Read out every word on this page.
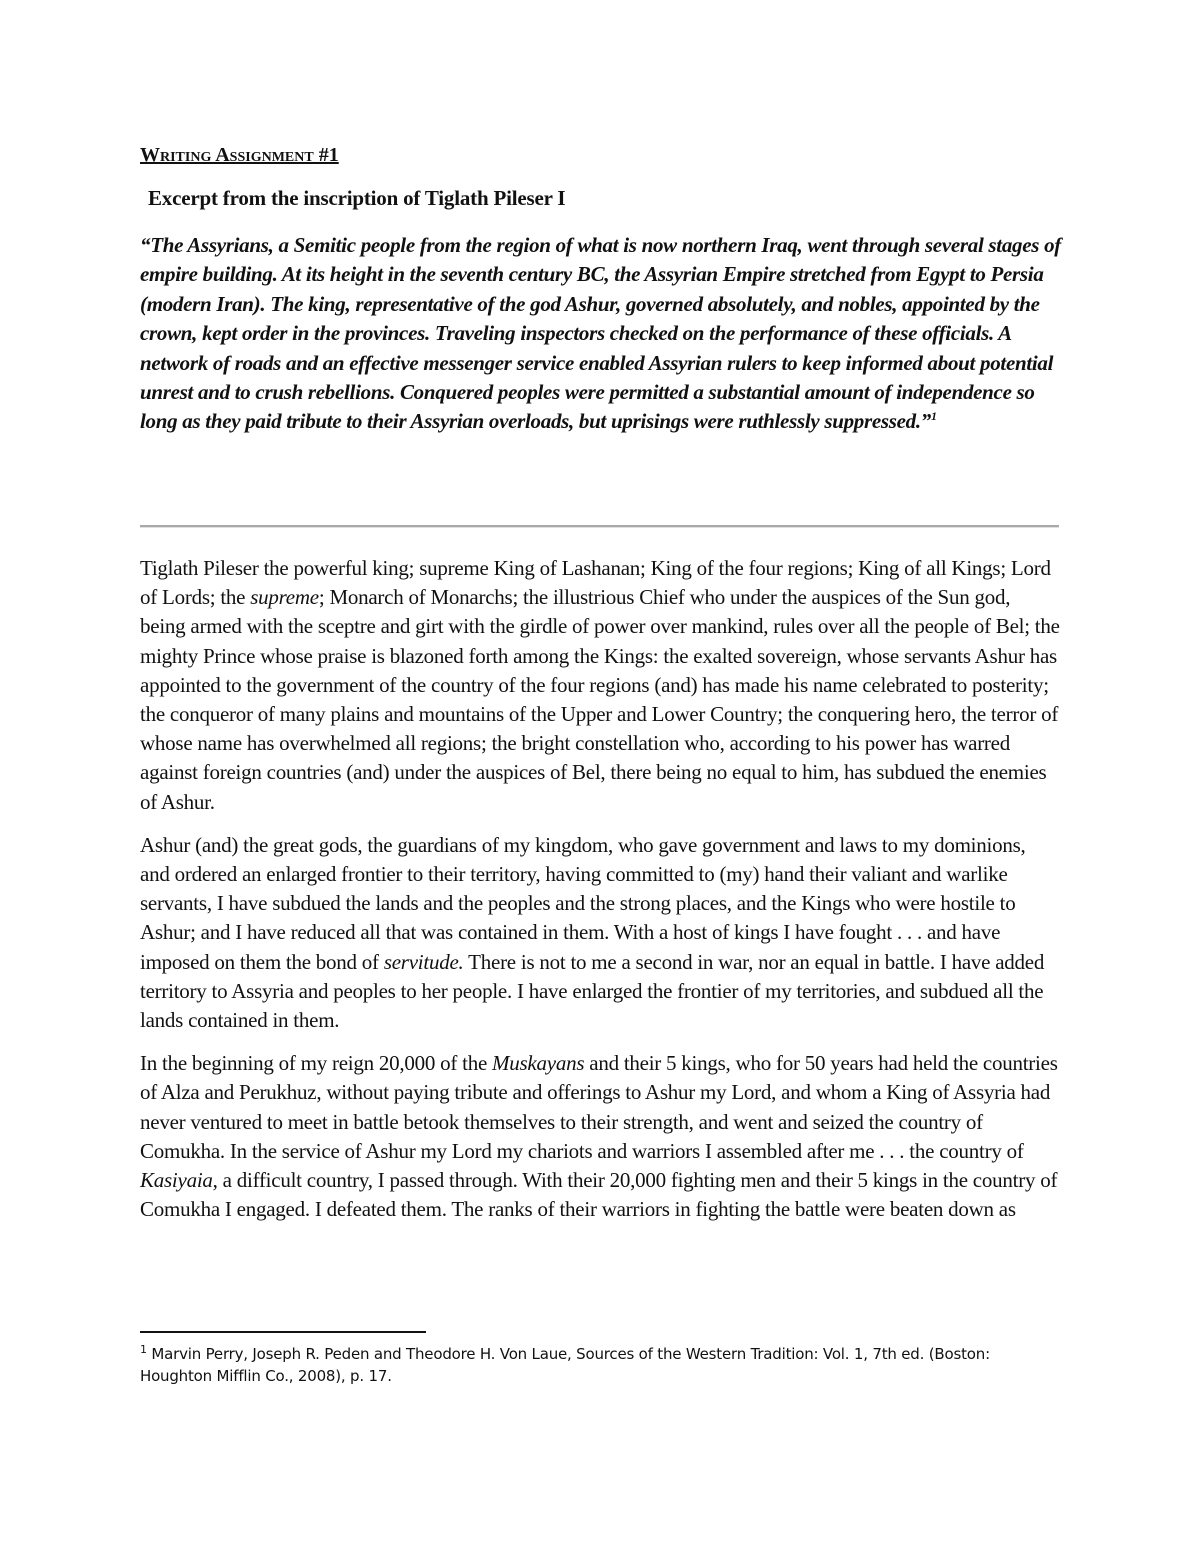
Writing Assignment #1
Excerpt from the inscription of Tiglath Pileser I

“The Assyrians, a Semitic people from the region of what is now northern Iraq, went through several stages of empire building. At its height in the seventh century BC, the Assyrian Empire stretched from Egypt to Persia (modern Iran). The king, representative of the god Ashur, governed absolutely, and nobles, appointed by the crown, kept order in the provinces. Traveling inspectors checked on the performance of these officials. A network of roads and an effective messenger service enabled Assyrian rulers to keep informed about potential unrest and to crush rebellions. Conquered peoples were permitted a substantial amount of independence so long as they paid tribute to their Assyrian overloads, but uprisings were ruthlessly suppressed.”$^1$

Tiglath Pileser the powerful king; supreme King of Lashanan; King of the four regions; King of all Kings; Lord of Lords; the supreme; Monarch of Monarchs; the illustrious Chief who under the auspices of the Sun god, being armed with the sceptre and girt with the girdle of power over mankind, rules over all the people of Bel; the mighty Prince whose praise is blazoned forth among the Kings: the exalted sovereign, whose servants Ashur has appointed to the government of the country of the four regions (and) has made his name celebrated to posterity; the conqueror of many plains and mountains of the Upper and Lower Country; the conquering hero, the terror of whose name has overwhelmed all regions; the bright constellation who, according to his power has warred against foreign countries (and) under the auspices of Bel, there being no equal to him, has subdued the enemies of Ashur.

Ashur (and) the great gods, the guardians of my kingdom, who gave government and laws to my dominions, and ordered an enlarged frontier to their territory, having committed to (my) hand their valiant and warlike servants, I have subdued the lands and the peoples and the strong places, and the Kings who were hostile to Ashur; and I have reduced all that was contained in them. With a host of kings I have fought . . . and have imposed on them the bond of servitude. There is not to me a second in war, nor an equal in battle. I have added territory to Assyria and peoples to her people. I have enlarged the frontier of my territories, and subdued all the lands contained in them.

In the beginning of my reign 20,000 of the Muskayans and their 5 kings, who for 50 years had held the countries of Alza and Perukhuz, without paying tribute and offerings to Ashur my Lord, and whom a King of Assyria had never ventured to meet in battle betook themselves to their strength, and went and seized the country of Comukha. In the service of Ashur my Lord my chariots and warriors I assembled after me . . . the country of Kasiyaia, a difficult country, I passed through. With their 20,000 fighting men and their 5 kings in the country of Comukha I engaged. I defeated them. The ranks of their warriors in fighting the battle were beaten down as

$^1$ Marvin Perry, Joseph R. Peden and Theodore H. Von Laue, Sources of the Western Tradition: Vol. 1, 7th ed. (Boston: Houghton Mifflin Co., 2008), p. 17.
